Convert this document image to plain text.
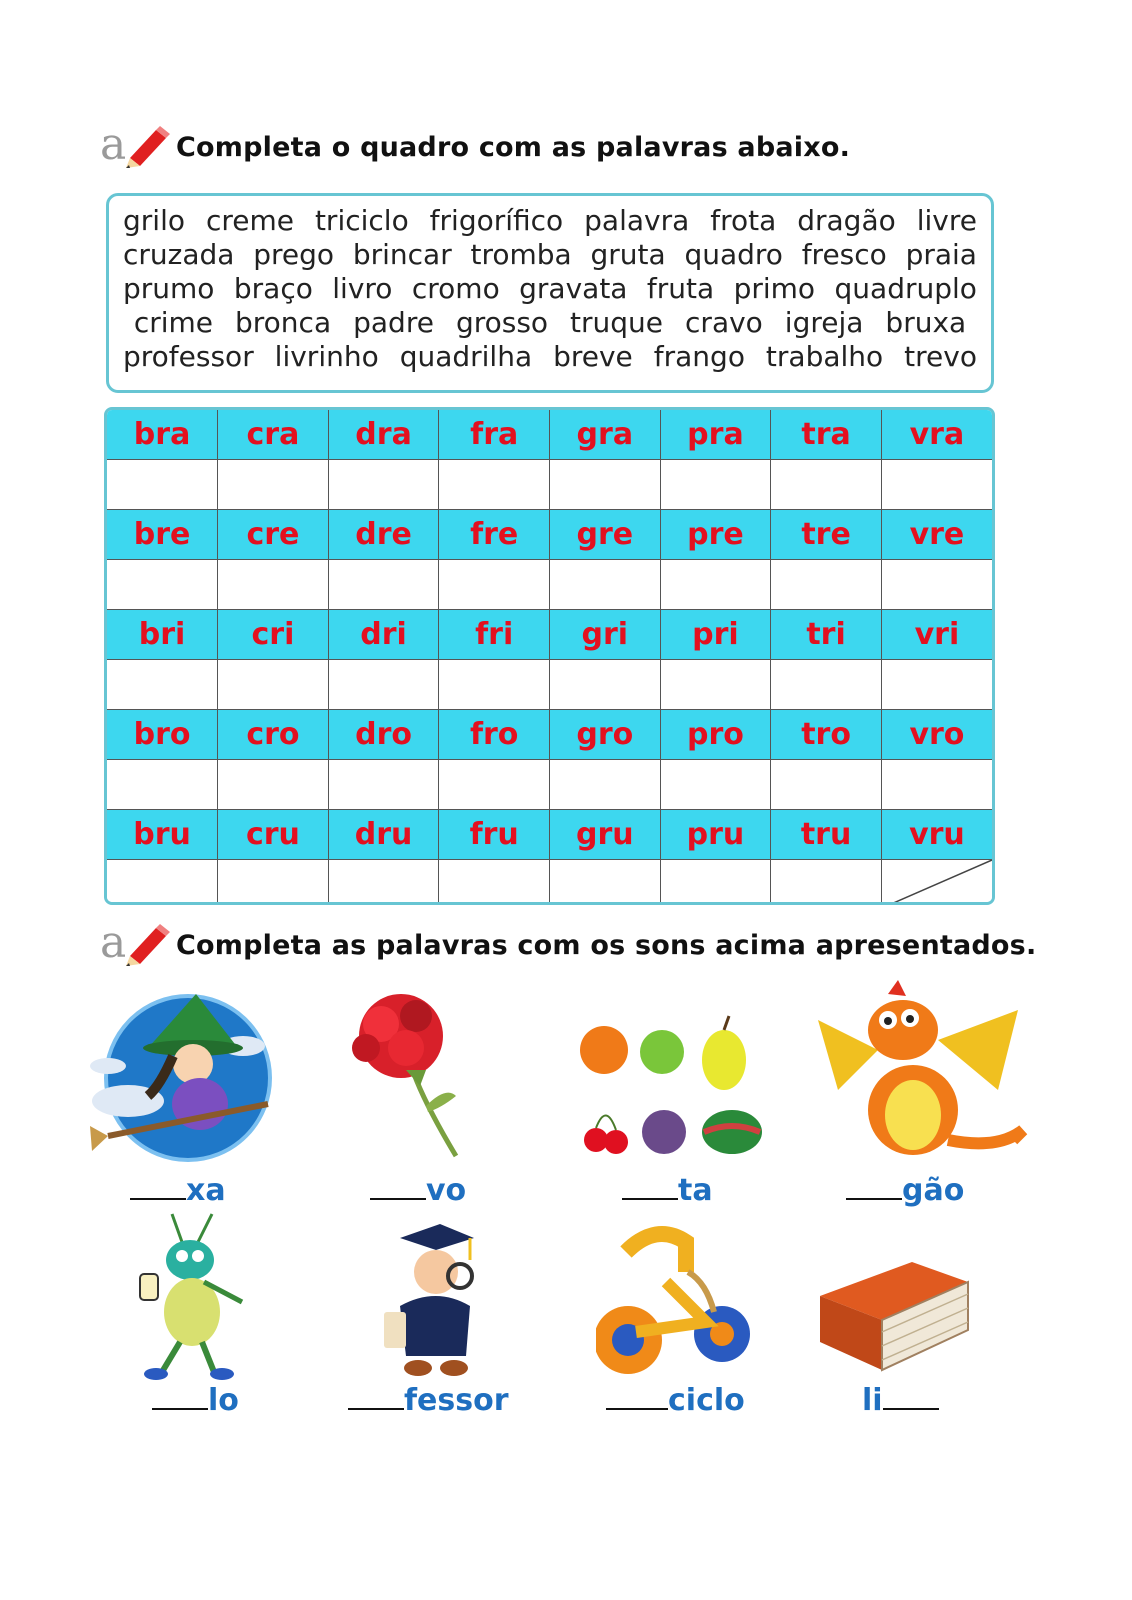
a Completa o quadro com as palavras abaixo.
grilo creme triciclo frigorífico palavra frota dragão livre
cruzada prego brincar tromba gruta quadro fresco praia
prumo braço livro cromo gravata fruta primo quadruplo
crime bronca padre grosso truque cravo igreja bruxa
professor livrinho quadrilha breve frango trabalho trevo
bra	cra	dra	fra	gra	pra	tra	vra

bre	cre	dre	fre	gre	pre	tre	vre

bri	cri	dri	fri	gri	pri	tri	vri

bro	cro	dro	fro	gro	pro	tro	vro

bru	cru	dru	fru	gru	pru	tru	vru

a Completa as palavras com os sons acima apresentados.
xa	vo	ta	gão
lo	fessor	ciclo	li
